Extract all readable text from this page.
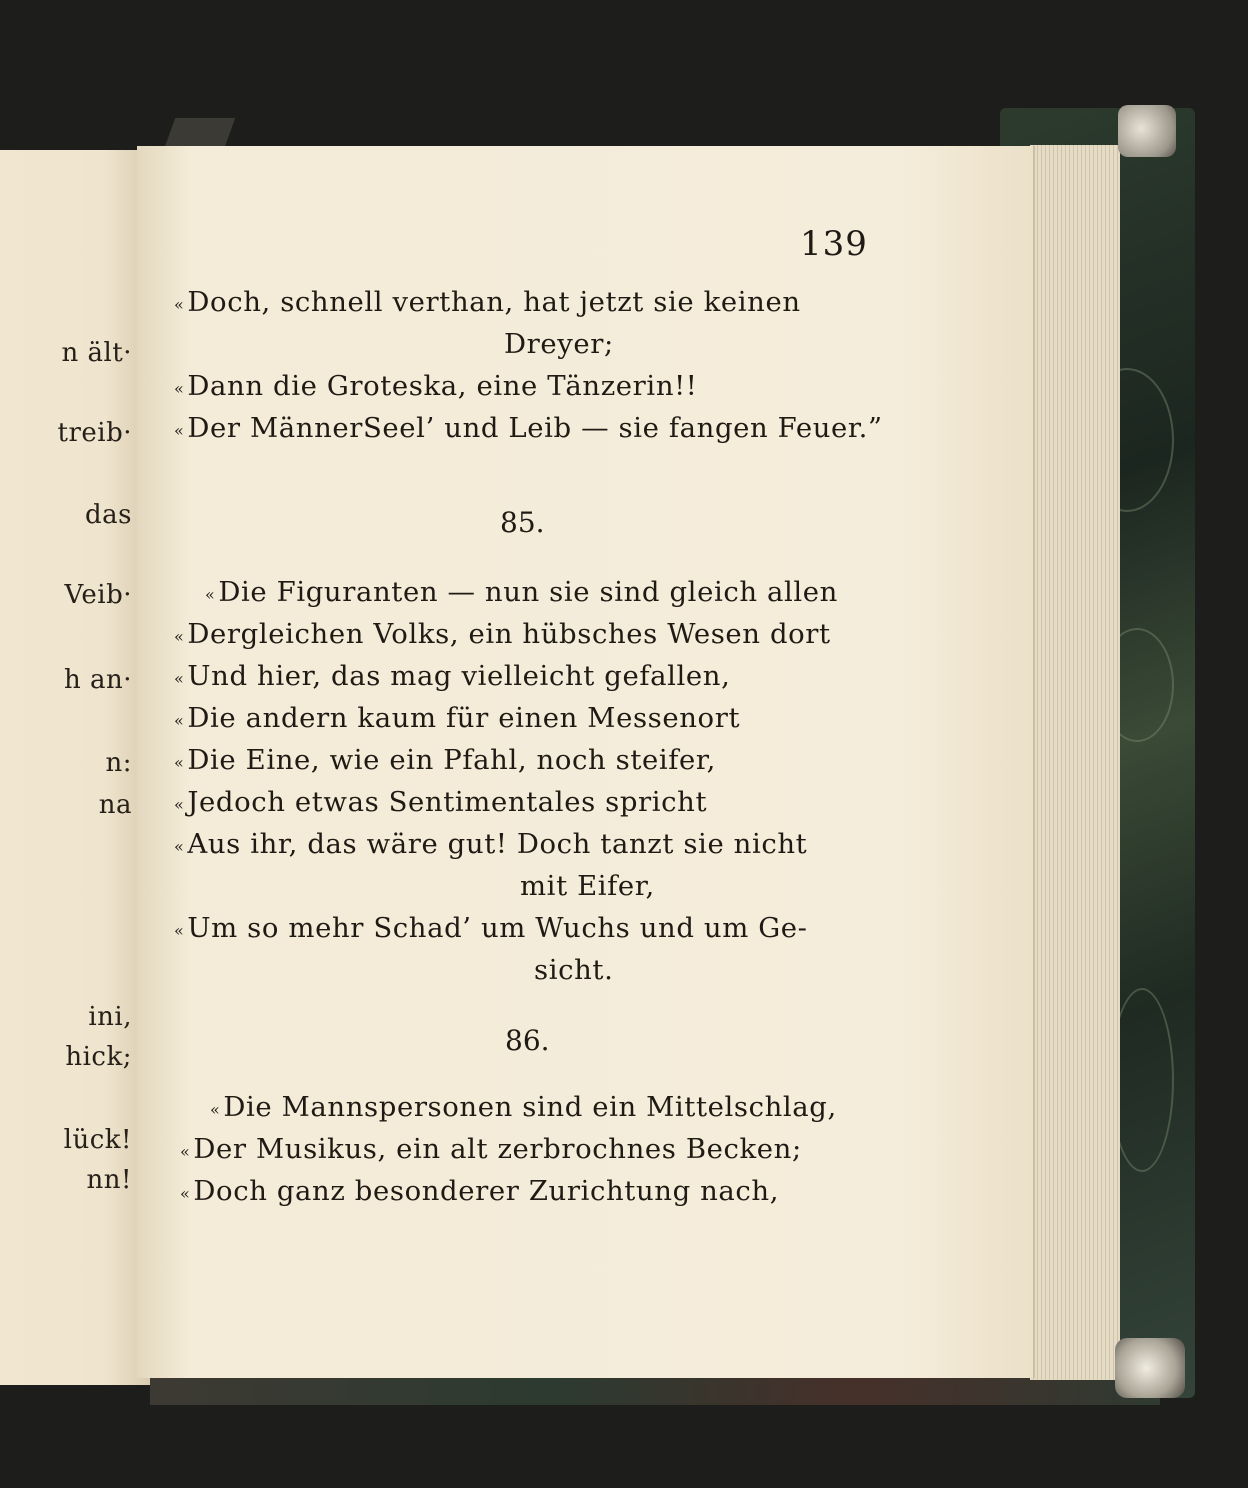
n ält·
treib·
das
Veib·
h an·
n:
na
ini,
hick;
lück!
nn!
139
« Doch, schnell verthan, hat jetzt sie keinen
Dreyer;
« Dann die Groteska, eine Tänzerin!!
« Der MännerSeel’ und Leib — sie fangen Feuer.”
85.
« Die Figuranten — nun sie sind gleich allen
« Dergleichen Volks, ein hübsches Wesen dort
« Und hier, das mag vielleicht gefallen,
« Die andern kaum für einen Messenort
« Die Eine, wie ein Pfahl, noch steifer,
« Jedoch etwas Sentimentales spricht
« Aus ihr, das wäre gut! Doch tanzt sie nicht
mit Eifer,
« Um so mehr Schad’ um Wuchs und um Ge-
sicht.
86.
« Die Mannspersonen sind ein Mittelschlag,
« Der Musikus, ein alt zerbrochnes Becken;
« Doch ganz besonderer Zurichtung nach,
